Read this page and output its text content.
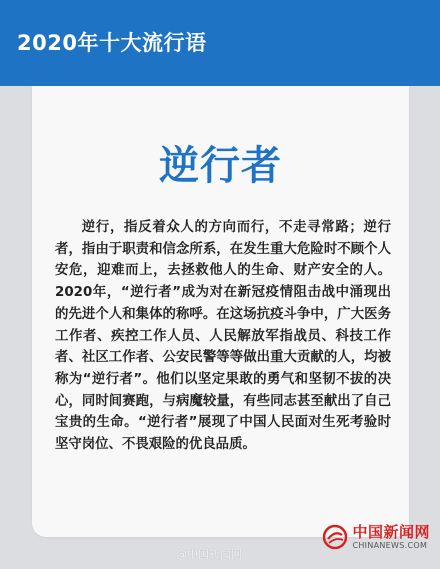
2020年十大流行语
逆行者

逆行，指反着众人的方向而行，不走寻常路；逆行者，指由于职责和信念所系，在发生重大危险时不顾个人安危，迎难而上，去拯救他人的生命、财产安全的人。2020年，“逆行者”成为对在新冠疫情阻击战中涌现出的先进个人和集体的称呼。在这场抗疫斗争中，广大医务工作者、疾控工作人员、人民解放军指战员、科技工作者、社区工作者、公安民警等等做出重大贡献的人，均被称为“逆行者”。他们以坚定果敢的勇气和坚韧不拔的决心，同时间赛跑，与病魔较量，有些同志甚至献出了自己宝贵的生命。“逆行者”展现了中国人民面对生死考验时坚守岗位、不畏艰险的优良品质。

中国新闻网
CHINANEWS.COM
@中国新闻网
